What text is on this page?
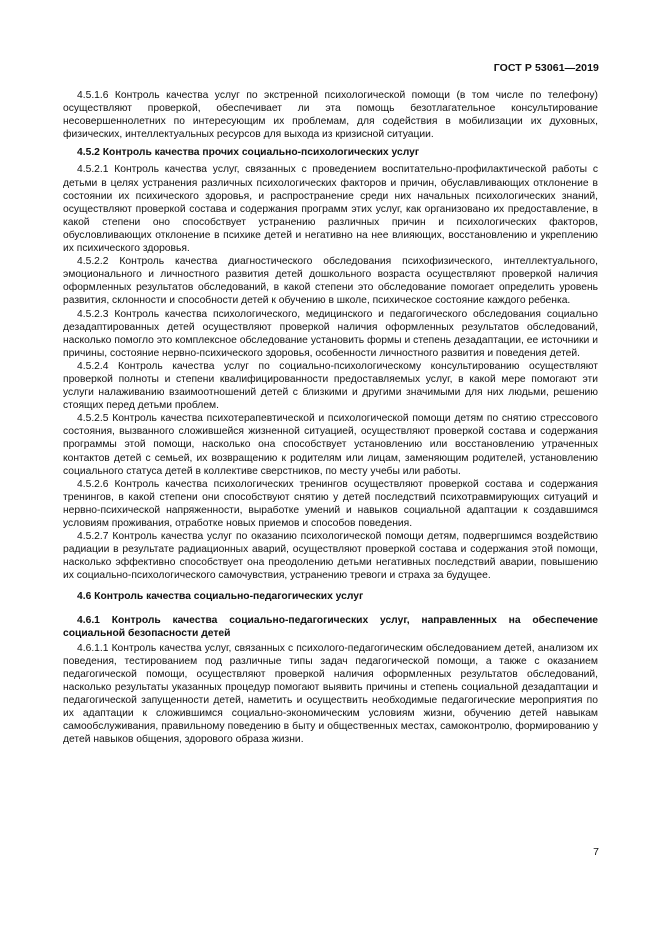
ГОСТ Р 53061—2019

4.5.1.6 Контроль качества услуг по экстренной психологической помощи (в том числе по телефону) осуществляют проверкой, обеспечивает ли эта помощь безотлагательное консультирование несовершеннолетних по интересующим их проблемам, для содействия в мобилизации их духовных, физических, интеллектуальных ресурсов для выхода из кризисной ситуации.

4.5.2 Контроль качества прочих социально-психологических услуг

4.5.2.1 Контроль качества услуг, связанных с проведением воспитательно-профилактической работы с детьми в целях устранения различных психологических факторов и причин, обуславливающих отклонение в состоянии их психического здоровья, и распространение среди них начальных психологических знаний, осуществляют проверкой состава и содержания программ этих услуг, как организовано их предоставление, в какой степени оно способствует устранению различных причин и психологических факторов, обусловливающих отклонение в психике детей и негативно на нее влияющих, восстановлению и укреплению их психического здоровья.

4.5.2.2 Контроль качества диагностического обследования психофизического, интеллектуального, эмоционального и личностного развития детей дошкольного возраста осуществляют проверкой наличия оформленных результатов обследований, в какой степени это обследование помогает определить уровень развития, склонности и способности детей к обучению в школе, психическое состояние каждого ребенка.

4.5.2.3 Контроль качества психологического, медицинского и педагогического обследования социально дезадаптированных детей осуществляют проверкой наличия оформленных результатов обследований, насколько помогло это комплексное обследование установить формы и степень дезадаптации, ее источники и причины, состояние нервно-психического здоровья, особенности личностного развития и поведения детей.

4.5.2.4 Контроль качества услуг по социально-психологическому консультированию осуществляют проверкой полноты и степени квалифицированности предоставляемых услуг, в какой мере помогают эти услуги налаживанию взаимоотношений детей с близкими и другими значимыми для них людьми, решению стоящих перед детьми проблем.

4.5.2.5 Контроль качества психотерапевтической и психологической помощи детям по снятию стрессового состояния, вызванного сложившейся жизненной ситуацией, осуществляют проверкой состава и содержания программы этой помощи, насколько она способствует установлению или восстановлению утраченных контактов детей с семьей, их возвращению к родителям или лицам, заменяющим родителей, установлению социального статуса детей в коллективе сверстников, по месту учебы или работы.

4.5.2.6 Контроль качества психологических тренингов осуществляют проверкой состава и содержания тренингов, в какой степени они способствуют снятию у детей последствий психотравмирующих ситуаций и нервно-психической напряженности, выработке умений и навыков социальной адаптации к создавшимся условиям проживания, отработке новых приемов и способов поведения.

4.5.2.7 Контроль качества услуг по оказанию психологической помощи детям, подвергшимся воздействию радиации в результате радиационных аварий, осуществляют проверкой состава и содержания этой помощи, насколько эффективно способствует она преодолению детьми негативных последствий аварии, повышению их социально-психологического самочувствия, устранению тревоги и страха за будущее.

4.6 Контроль качества социально-педагогических услуг

4.6.1 Контроль качества социально-педагогических услуг, направленных на обеспечение социальной безопасности детей

4.6.1.1 Контроль качества услуг, связанных с психолого-педагогическим обследованием детей, анализом их поведения, тестированием под различные типы задач педагогической помощи, а также с оказанием педагогической помощи, осуществляют проверкой наличия оформленных результатов обследований, насколько результаты указанных процедур помогают выявить причины и степень социальной дезадаптации и педагогической запущенности детей, наметить и осуществить необходимые педагогические мероприятия по их адаптации к сложившимся социально-экономическим условиям жизни, обучению детей навыкам самообслуживания, правильному поведению в быту и общественных местах, самоконтролю, формированию у детей навыков общения, здорового образа жизни.

7
